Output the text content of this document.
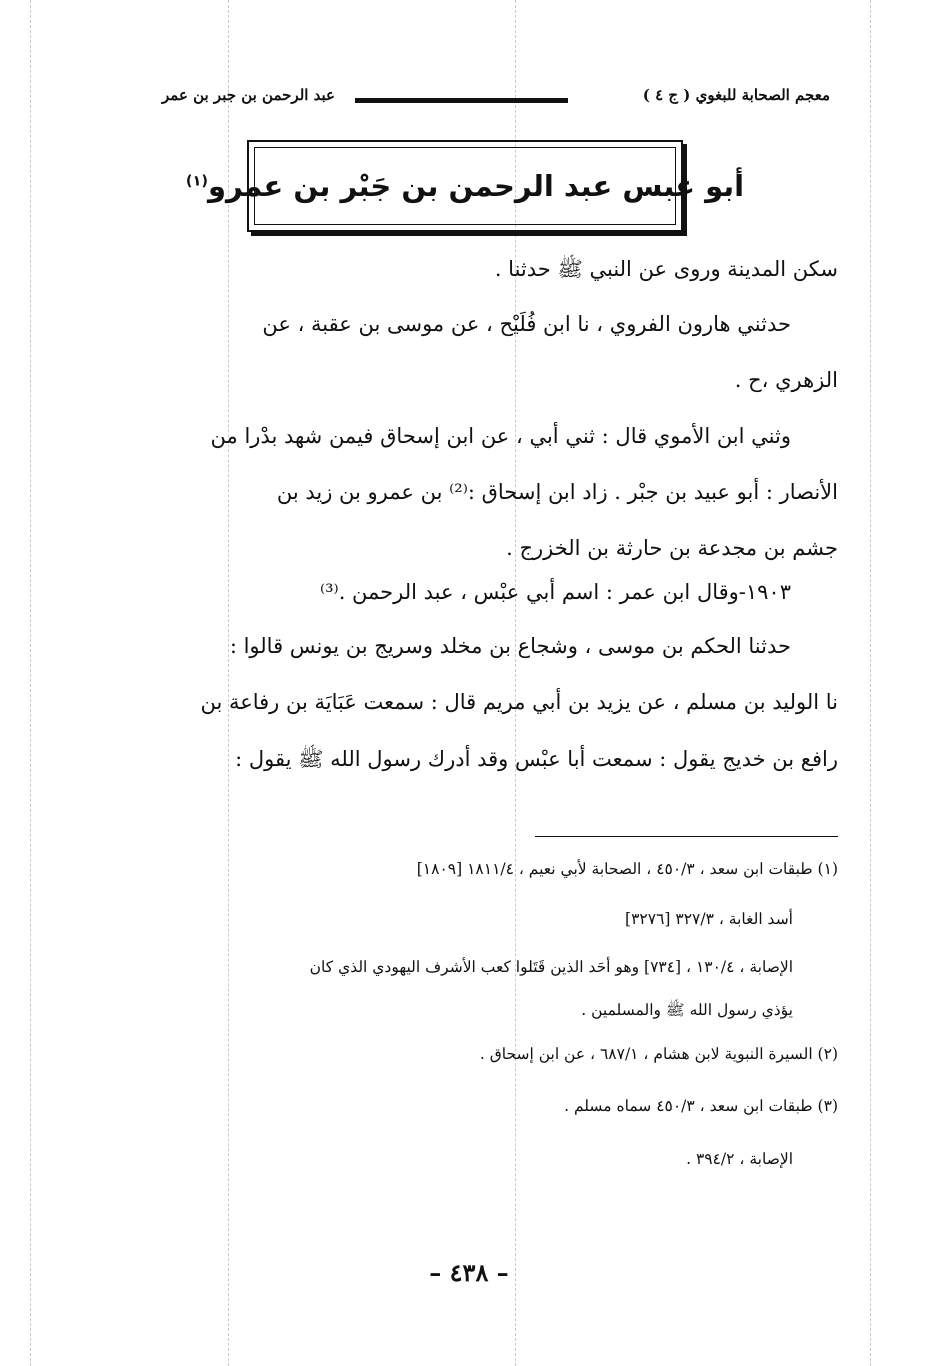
معجم الصحابة للبغوي ( ج ٤ )
عبد الرحمن بن جبر بن عمر
أبو عبس عبد الرحمن بن جَبْر بن عمرو$^{(١)}$
سكن المدينة وروى عن النبي ﷺ حدثنا .
حدثني هارون الفروي ، نا ابن فُلَيْح ، عن موسى بن عقبة ، عن
الزهري ،ح .
وثني ابن الأموي قال : ثني أبي ، عن ابن إسحاق فيمن شهد بدْرا من
الأنصار : أبو عبيد بن جبْر . زاد ابن إسحاق :⁽²⁾ بن عمرو بن زيد بن
جشم بن مجدعة بن حارثة بن الخزرج .
١٩٠٣-وقال ابن عمر : اسم أبي عبْس ، عبد الرحمن .⁽³⁾
حدثنا الحكم بن موسى ، وشجاع بن مخلد وسريج بن يونس قالوا :
نا الوليد بن مسلم ، عن يزيد بن أبي مريم قال : سمعت عَبَايَة بن رفاعة بن
رافع بن خديج يقول : سمعت أبا عبْس وقد أدرك رسول الله ﷺ يقول :
(١) طبقات ابن سعد ، ٤٥٠/٣ ، الصحابة لأبي نعيم ، ١٨١١/٤ [١٨٠٩]
أسد الغابة ، ٣٢٧/٣ [٣٢٧٦]
الإصابة ، ١٣٠/٤ ، [٧٣٤] وهو أحَد الذين قَتَلوا كعب الأشرف اليهودي الذي كان
يؤذي رسول الله ﷺ والمسلمين .
(٢) السيرة النبوية لابن هشام ، ٦٨٧/١ ، عن ابن إسحاق .
(٣) طبقات ابن سعد ، ٤٥٠/٣ سماه مسلم .
الإصابة ، ٣٩٤/٢ .
– ٤٣٨ –
